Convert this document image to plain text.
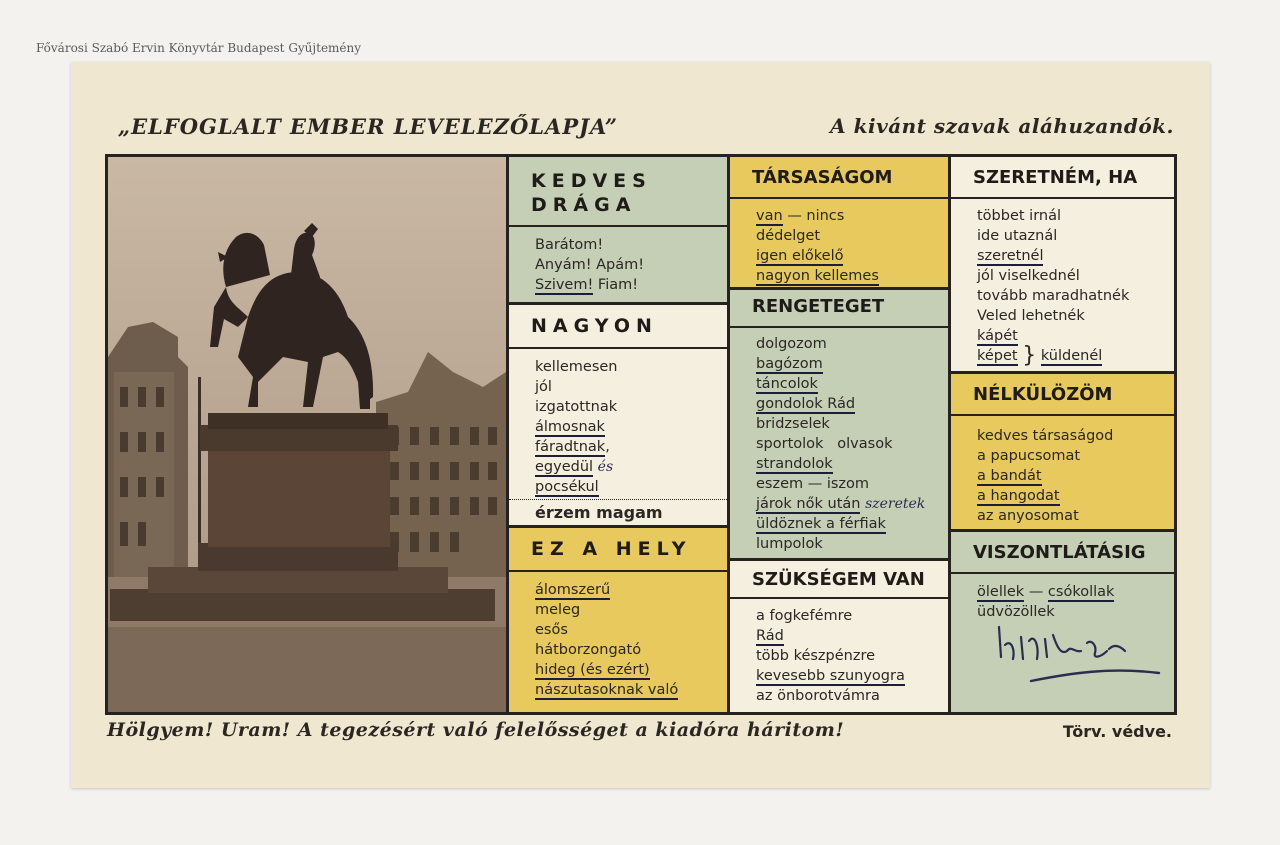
Fővárosi Szabó Ervin Könyvtár Budapest Gyűjtemény
„ELFOGLALT EMBER LEVELEZŐLAPJA”	A kivánt szavak aláhuzandók.
KEDVES
DRÁGA
Barátom!
Anyám! Apám!
Szivem! Fiam!
NAGYON
kellemesen
jól
izgatottnak
álmosnak
fáradtnak,
egyedül és
pocsékul
érzem magam
EZ A HELY
álomszerű
meleg
esős
hátborzongató
hideg (és ezért)
nászutasoknak való
TÁRSASÁGOM
van — nincs
dédelget
igen előkelő
nagyon kellemes
RENGETEGET
dolgozom
bagózom
táncolok
gondolok Rád
bridzselek
sportolok   olvasok
strandolok
eszem — iszom
járok nők után szeretek
üldöznek a férfiak
lumpolok
SZÜKSÉGEM VAN
a fogkefémre
Rád
több készpénzre
kevesebb szunyogra
az önborotvámra
SZERETNÉM, HA
többet irnál
ide utaznál
szeretnél
jól viselkednél
tovább maradhatnék
Veled lehetnék
kápét
képet } küldenél
NÉLKÜLÖZÖM
kedves társaságod
a papucsomat
a bandát
a hangodat
az anyosomat
VISZONTLÁTÁSIG
ölellek — csókollak
üdvözöllek
Hölgyem! Uram! A tegezésért való felelősséget a kiadóra háritom!	Törv. védve.
